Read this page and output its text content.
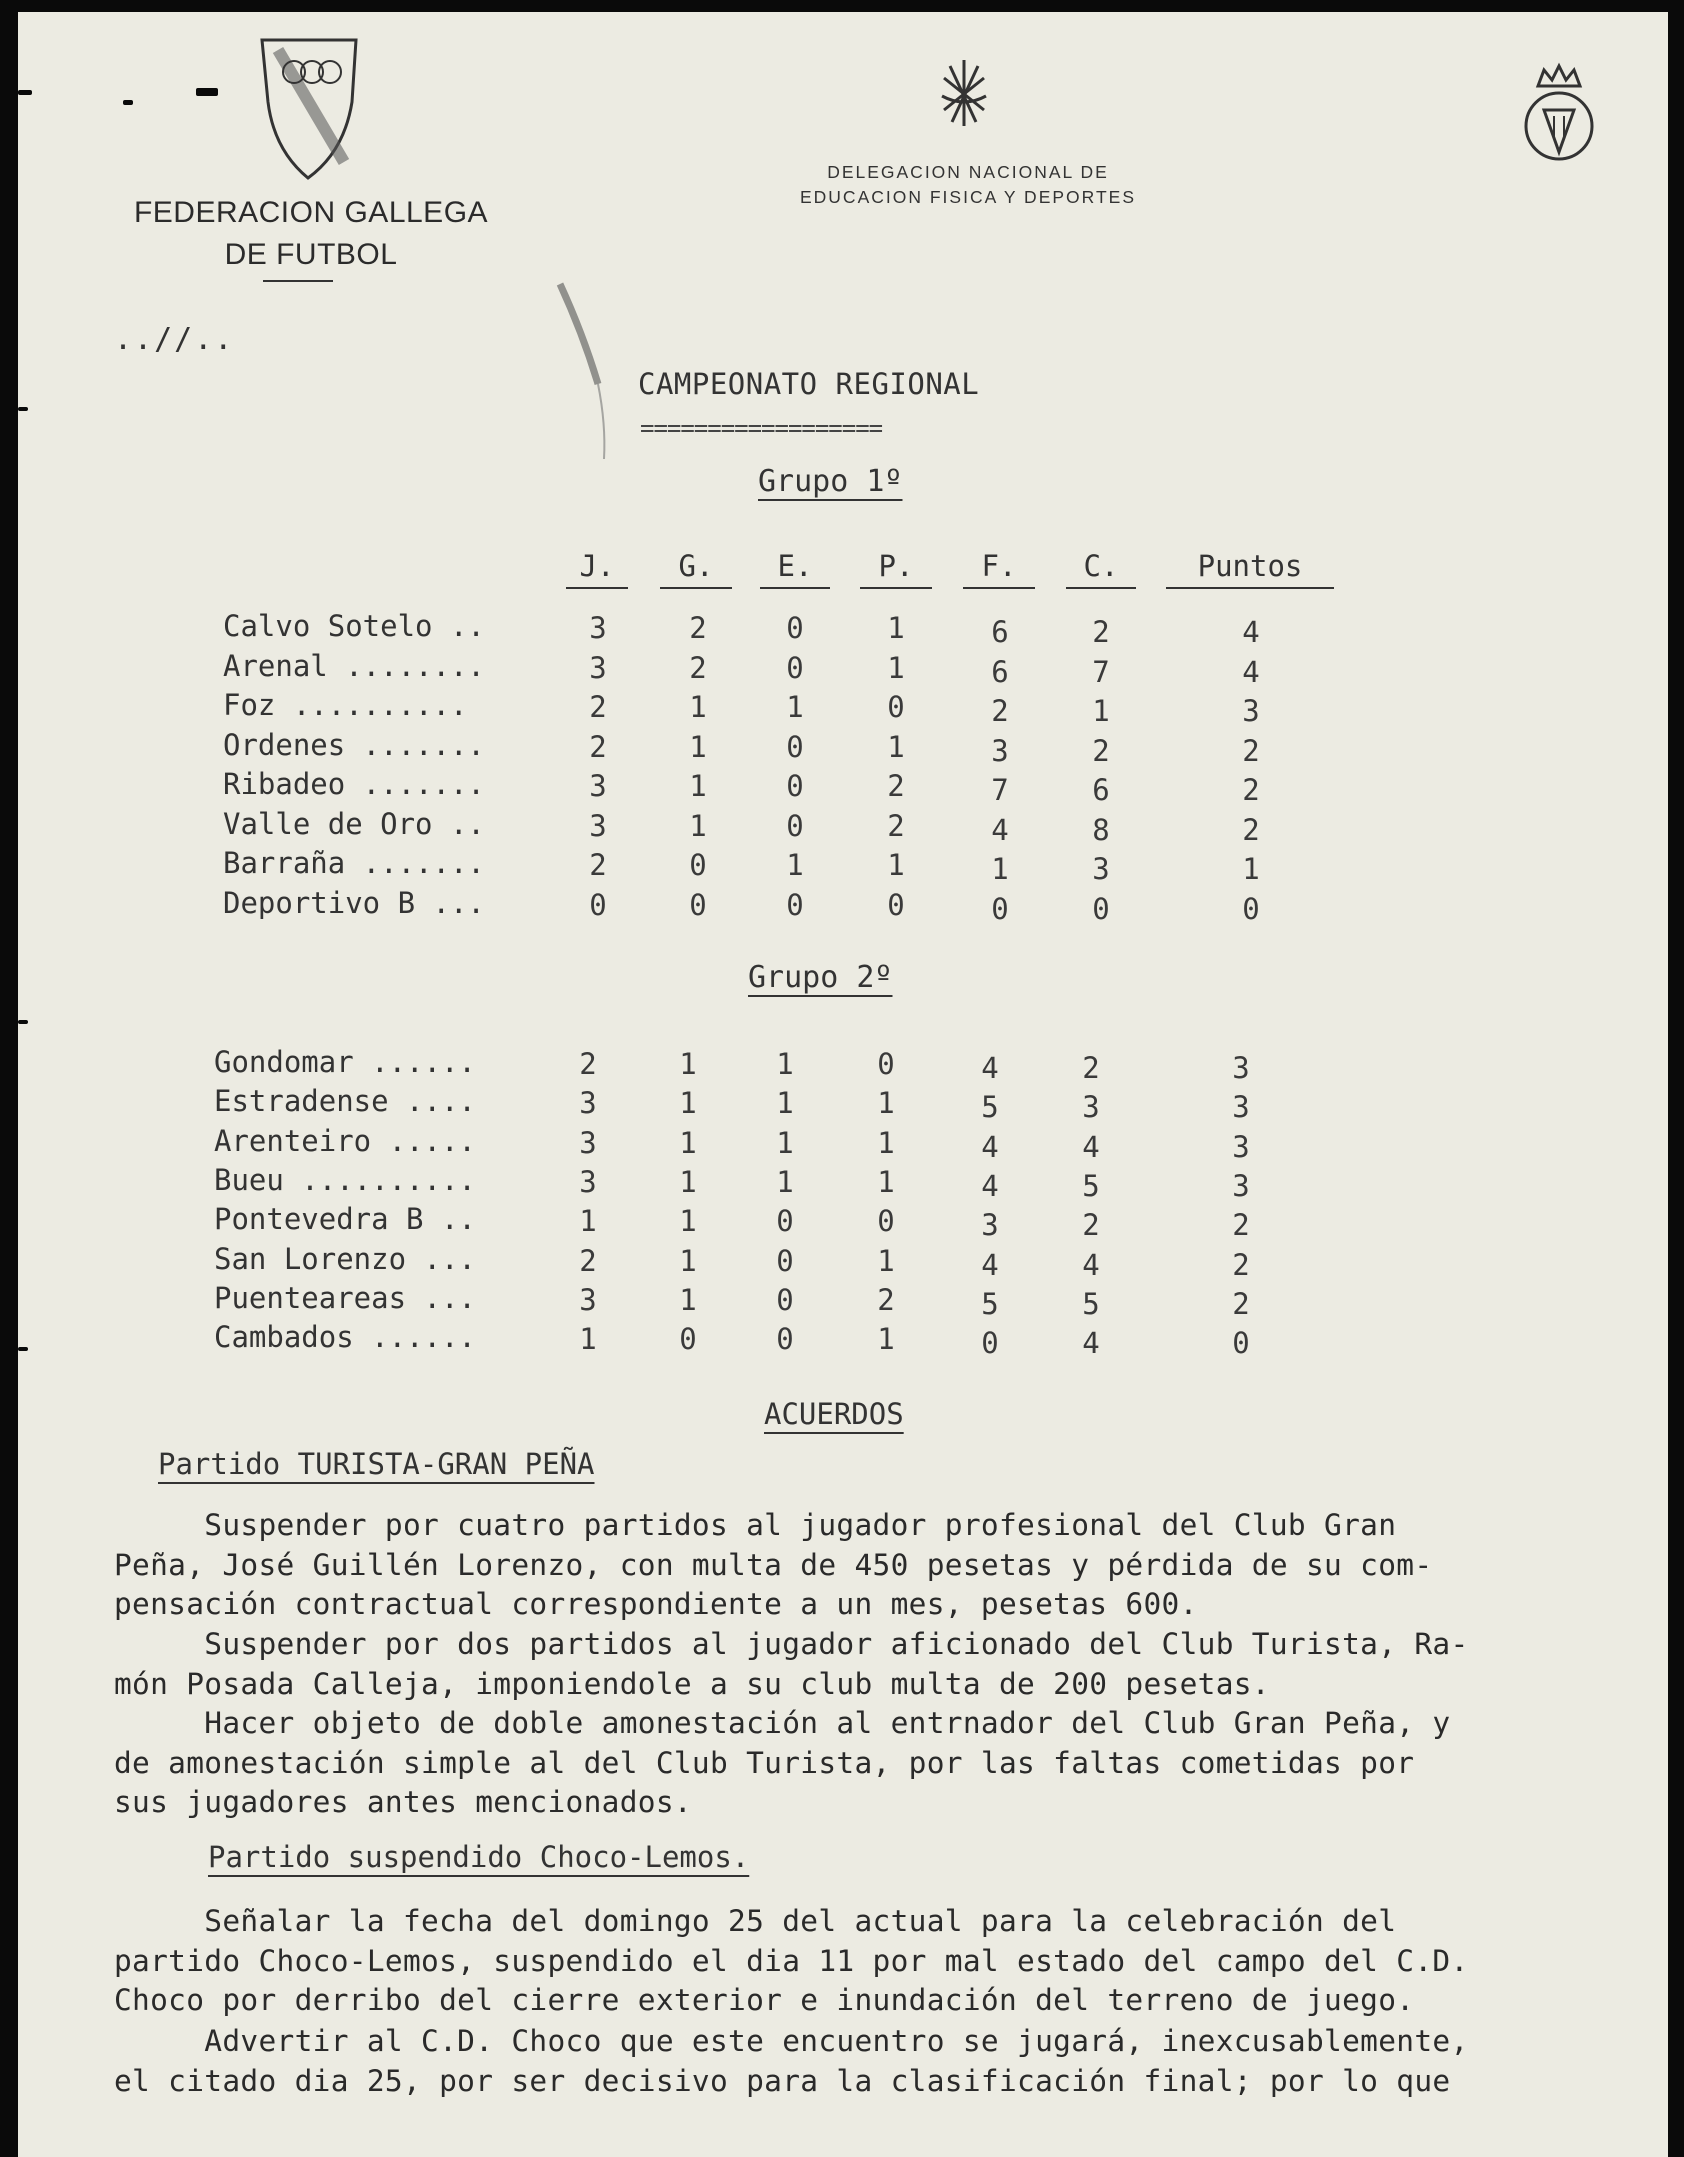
FEDERACION GALLEGA
DE FUTBOL
DELEGACION NACIONAL DE
EDUCACION FISICA Y DEPORTES
..//..
CAMPEONATO REGIONAL
==================
Grupo 1º
J.	G.	E.	P.	F.	C.	Puntos
Calvo Sotelo ..	3	2	0	1	6	2	4
Arenal ........	3	2	0	1	6	7	4
Foz ..........	2	1	1	0	2	1	3
Ordenes .......	2	1	0	1	3	2	2
Ribadeo .......	3	1	0	2	7	6	2
Valle de Oro ..	3	1	0	2	4	8	2
Barraña .......	2	0	1	1	1	3	1
Deportivo B ...	0	0	0	0	0	0	0
Grupo 2º
Gondomar ......	2	1	1	0	4	2	3
Estradense ....	3	1	1	1	5	3	3
Arenteiro .....	3	1	1	1	4	4	3
Bueu ..........	3	1	1	1	4	5	3
Pontevedra B ..	1	1	0	0	3	2	2
San Lorenzo ...	2	1	0	1	4	4	2
Puenteareas ...	3	1	0	2	5	5	2
Cambados ......	1	0	0	1	0	4	0
ACUERDOS
Partido TURISTA-GRAN PEÑA
Suspender por cuatro partidos al jugador profesional del Club Gran
Peña, José Guillén Lorenzo, con multa de 450 pesetas y pérdida de su com-
pensación contractual correspondiente a un mes, pesetas 600.
Suspender por dos partidos al jugador aficionado del Club Turista, Ra-
món Posada Calleja, imponiendole a su club multa de 200 pesetas.
Hacer objeto de doble amonestación al entrnador del Club Gran Peña, y
de amonestación simple al del Club Turista, por las faltas cometidas por
sus jugadores antes mencionados.
Partido suspendido Choco-Lemos.
Señalar la fecha del domingo 25 del actual para la celebración del
partido Choco-Lemos, suspendido el dia 11 por mal estado del campo del C.D.
Choco por derribo del cierre exterior e inundación del terreno de juego.
Advertir al C.D. Choco que este encuentro se jugará, inexcusablemente,
el citado dia 25, por ser decisivo para la clasificación final; por lo que
